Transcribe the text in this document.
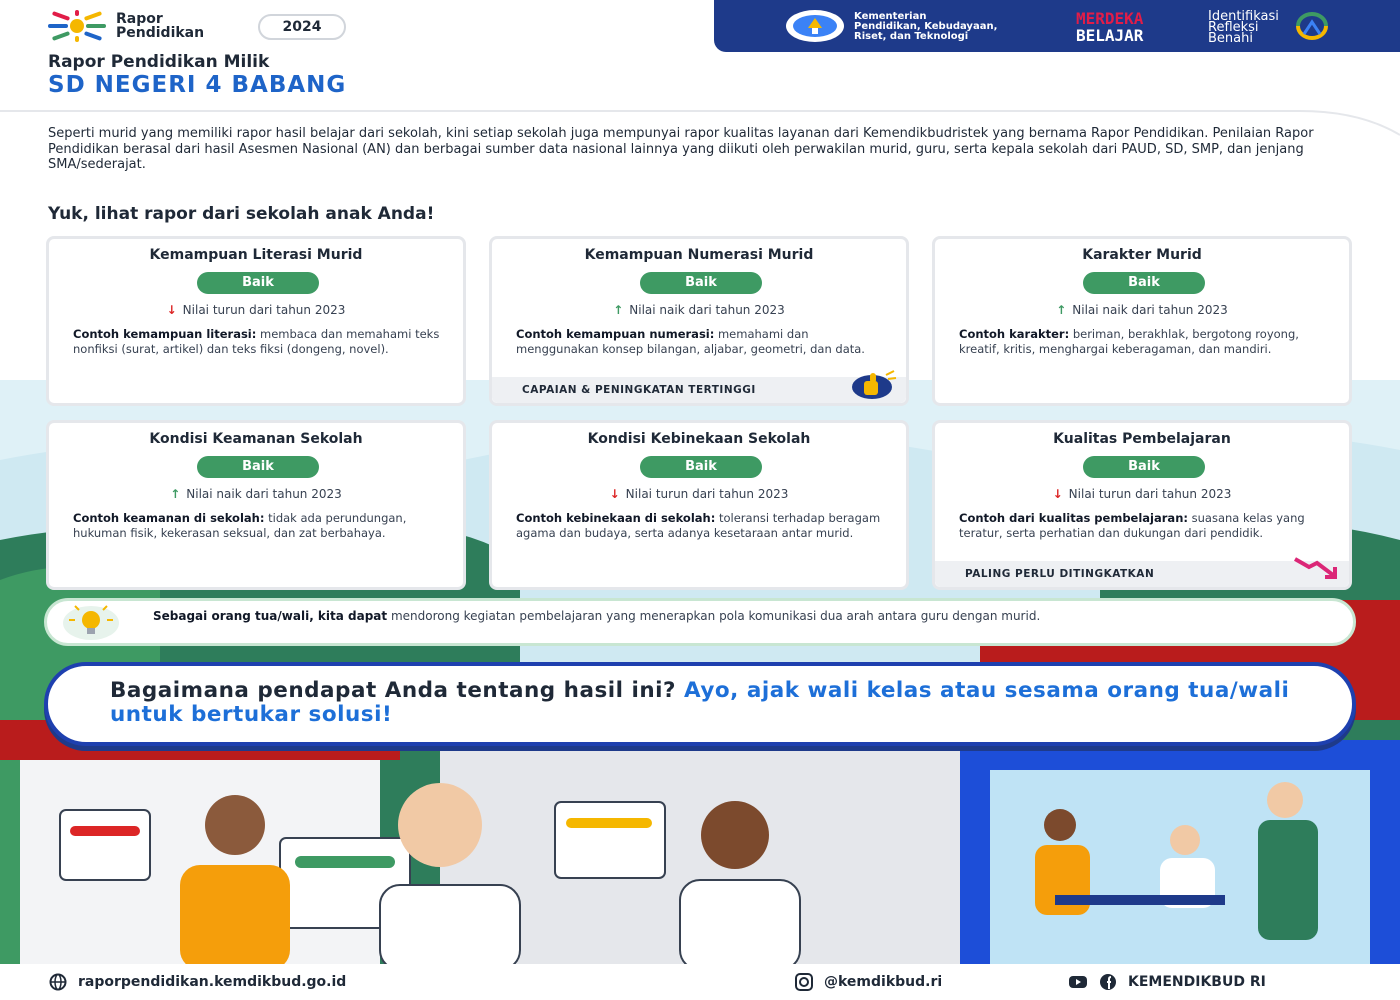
Rapor
Pendidikan	2024
Kementerian
Pendidikan, Kebudayaan,
Riset, dan Teknologi
MERDEKA
BELAJAR
Identifikasi
Refleksi
Benahi
Rapor Pendidikan Milik
SD NEGERI 4 BABANG
Seperti murid yang memiliki rapor hasil belajar dari sekolah, kini setiap sekolah juga mempunyai rapor kualitas layanan dari Kemendikbudristek yang bernama Rapor Pendidikan. Penilaian Rapor Pendidikan berasal dari hasil Asesmen Nasional (AN) dan berbagai sumber data nasional lainnya yang diikuti oleh perwakilan murid, guru, serta kepala sekolah dari PAUD, SD, SMP, dan jenjang SMA/sederajat.
Yuk, lihat rapor dari sekolah anak Anda!
Kemampuan Literasi Murid
Baik
↓ Nilai turun dari tahun 2023
Contoh kemampuan literasi: membaca dan memahami teks nonfiksi (surat, artikel) dan teks fiksi (dongeng, novel).
Kemampuan Numerasi Murid
Baik
↑ Nilai naik dari tahun 2023
Contoh kemampuan numerasi: memahami dan menggunakan konsep bilangan, aljabar, geometri, dan data.
CAPAIAN & PENINGKATAN TERTINGGI
Karakter Murid
Baik
↑ Nilai naik dari tahun 2023
Contoh karakter: beriman, berakhlak, bergotong royong, kreatif, kritis, menghargai keberagaman, dan mandiri.
Kondisi Keamanan Sekolah
Baik
↑ Nilai naik dari tahun 2023
Contoh keamanan di sekolah: tidak ada perundungan, hukuman fisik, kekerasan seksual, dan zat berbahaya.
Kondisi Kebinekaan Sekolah
Baik
↓ Nilai turun dari tahun 2023
Contoh kebinekaan di sekolah: toleransi terhadap beragam agama dan budaya, serta adanya kesetaraan antar murid.
Kualitas Pembelajaran
Baik
↓ Nilai turun dari tahun 2023
Contoh dari kualitas pembelajaran: suasana kelas yang teratur, serta perhatian dan dukungan dari pendidik.
PALING PERLU DITINGKATKAN
Sebagai orang tua/wali, kita dapat mendorong kegiatan pembelajaran yang menerapkan pola komunikasi dua arah antara guru dengan murid.
Bagaimana pendapat Anda tentang hasil ini? Ayo, ajak wali kelas atau sesama orang tua/wali untuk bertukar solusi!
raporpendidikan.kemdikbud.go.id	@kemdikbud.ri	KEMENDIKBUD RI
